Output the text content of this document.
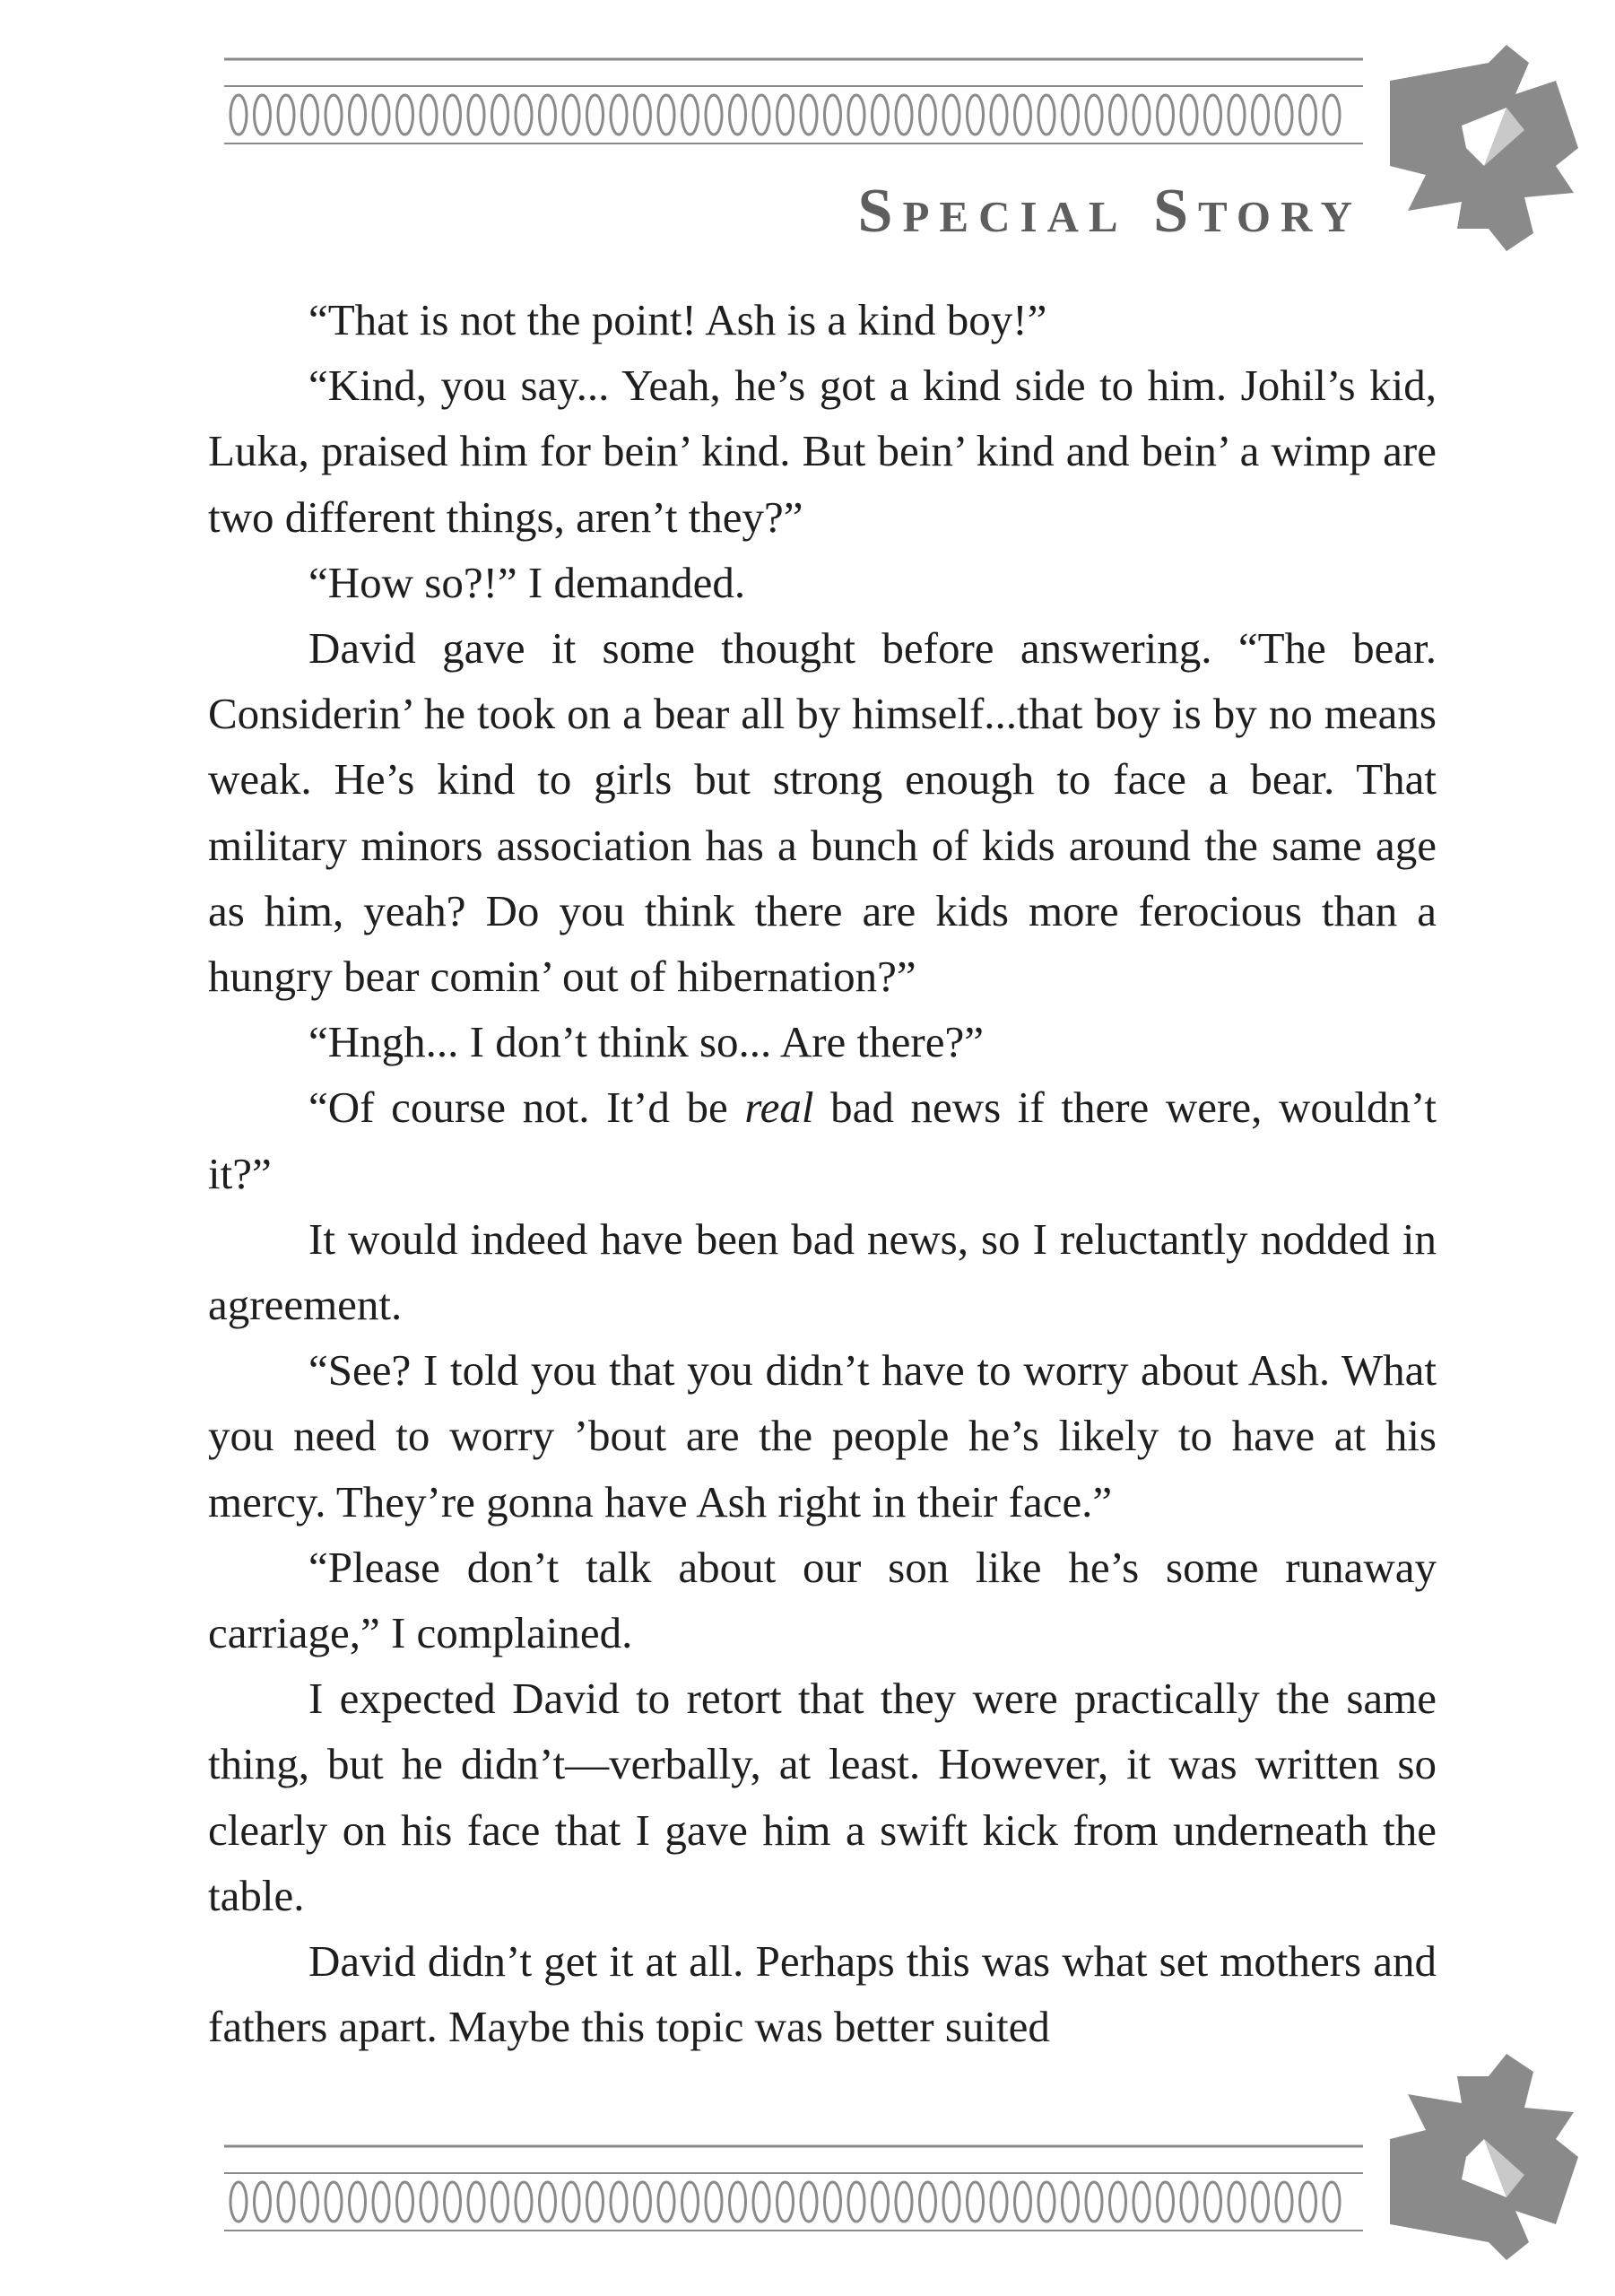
Special Story

“That is not the point! Ash is a kind boy!”

“Kind, you say... Yeah, he’s got a kind side to him. Johil’s kid, Luka, praised him for bein’ kind. But bein’ kind and bein’ a wimp are two different things, aren’t they?”

“How so?!” I demanded.

David gave it some thought before answering. “The bear. Considerin’ he took on a bear all by himself...that boy is by no means weak. He’s kind to girls but strong enough to face a bear. That military minors association has a bunch of kids around the same age as him, yeah? Do you think there are kids more ferocious than a hungry bear comin’ out of hibernation?”

“Hngh... I don’t think so... Are there?”

“Of course not. It’d be real bad news if there were, wouldn’t it?”

It would indeed have been bad news, so I reluctantly nodded in agreement.

“See? I told you that you didn’t have to worry about Ash. What you need to worry ’bout are the people he’s likely to have at his mercy. They’re gonna have Ash right in their face.”

“Please don’t talk about our son like he’s some runaway carriage,” I complained.

I expected David to retort that they were practically the same thing, but he didn’t—verbally, at least. However, it was written so clearly on his face that I gave him a swift kick from underneath the table.

David didn’t get it at all. Perhaps this was what set mothers and fathers apart. Maybe this topic was better suited
